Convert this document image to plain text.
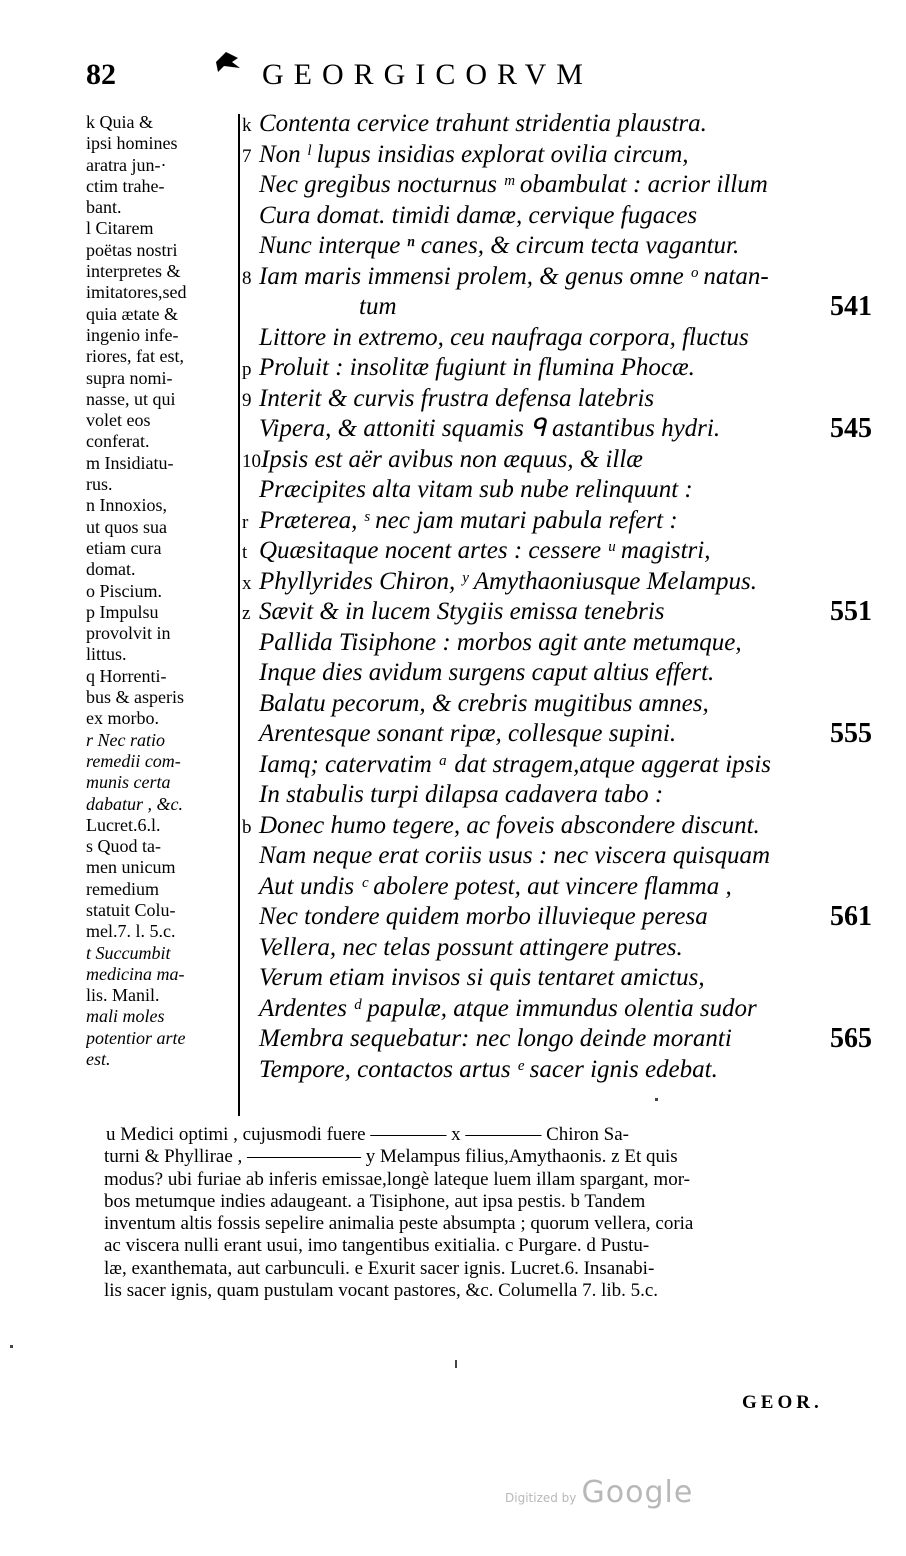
82	GEORGICORVM
k Quia &
ipsi homines
aratra jun-·
ctim trahe-
bant.
l Citarem
poëtas nostri
interpretes &
imitatores,sed
quia ætate &
ingenio infe-
riores, fat est,
supra nomi-
nasse, ut qui
volet eos
conferat.
m Insidiatu-
rus.
n Innoxios,
ut quos sua
etiam cura
domat.
o Piscium.
p Impulsu
provolvit in
littus.
q Horrenti-
bus & asperis
ex morbo.
r Nec ratio
remedii com-
munis certa
dabatur , &c.
Lucret.6.l.
s Quod ta-
men unicum
remedium
statuit Colu-
mel.7. l. 5.c.
t Succumbit
medicina ma-
lis. Manil.
mali moles
potentior arte
est.
k Contenta cervice trahunt stridentia plaustra.
7 Non ˡ lupus insidias explorat ovilia circum,
Nec gregibus nocturnus ᵐ obambulat : acrior illum
Cura domat. timidi damæ, cervique fugaces
Nunc interque ⁿ canes, & circum tecta vagantur.
8 Iam maris immensi prolem, & genus omne ᵒ natan-
tum	541
Littore in extremo, ceu naufraga corpora, fluctus
p Proluit : insolitæ fugiunt in flumina Phocæ.
9 Interit & curvis frustra defensa latebris
Vipera, & attoniti squamis ᑫ astantibus hydri.	545
10Ipsis est aër avibus non æquus, & illæ
Præcipites alta vitam sub nube relinquunt :
r Præterea, ˢ nec jam mutari pabula refert :
t Quæsitaque nocent artes : cessere ᵘ magistri,
x Phyllyrides Chiron, ʸ Amythaoniusque Melampus.
z Sævit & in lucem Stygiis emissa tenebris	551
Pallida Tisiphone : morbos agit ante metumque,
Inque dies avidum surgens caput altius effert.
Balatu pecorum, & crebris mugitibus amnes,
Arentesque sonant ripæ, collesque supini.	555
Iamq; catervatim ᵃ dat stragem,atque aggerat ipsis
In stabulis turpi dilapsa cadavera tabo :
b Donec humo tegere, ac foveis abscondere discunt.
Nam neque erat coriis usus : nec viscera quisquam
Aut undis ᶜ abolere potest, aut vincere flamma ,
Nec tondere quidem morbo illuvieque peresa	561
Vellera, nec telas possunt attingere putres.
Verum etiam invisos si quis tentaret amictus,
Ardentes ᵈ papulæ, atque immundus olentia sudor
Membra sequebatur: nec longo deinde moranti	565
Tempore, contactos artus ᵉ sacer ignis edebat.
u Medici optimi , cujusmodi fuere ———— x ———— Chiron Sa-
turni & Phyllirae , —————— y Melampus filius,Amythaonis. z Et quis
modus? ubi furiae ab inferis emissae,longè lateque luem illam spargant, mor-
bos metumque indies adaugeant. a Tisiphone, aut ipsa pestis. b Tandem
inventum altis fossis sepelire animalia peste absumpta ; quorum vellera, coria
ac viscera nulli erant usui, imo tangentibus exitialia. c Purgare. d Pustu-
læ, exanthemata, aut carbunculi. e Exurit sacer ignis. Lucret.6. Insanabi-
lis sacer ignis, quam pustulam vocant pastores, &c. Columella 7. lib. 5.c.
GEOR.
Digitized by Google
